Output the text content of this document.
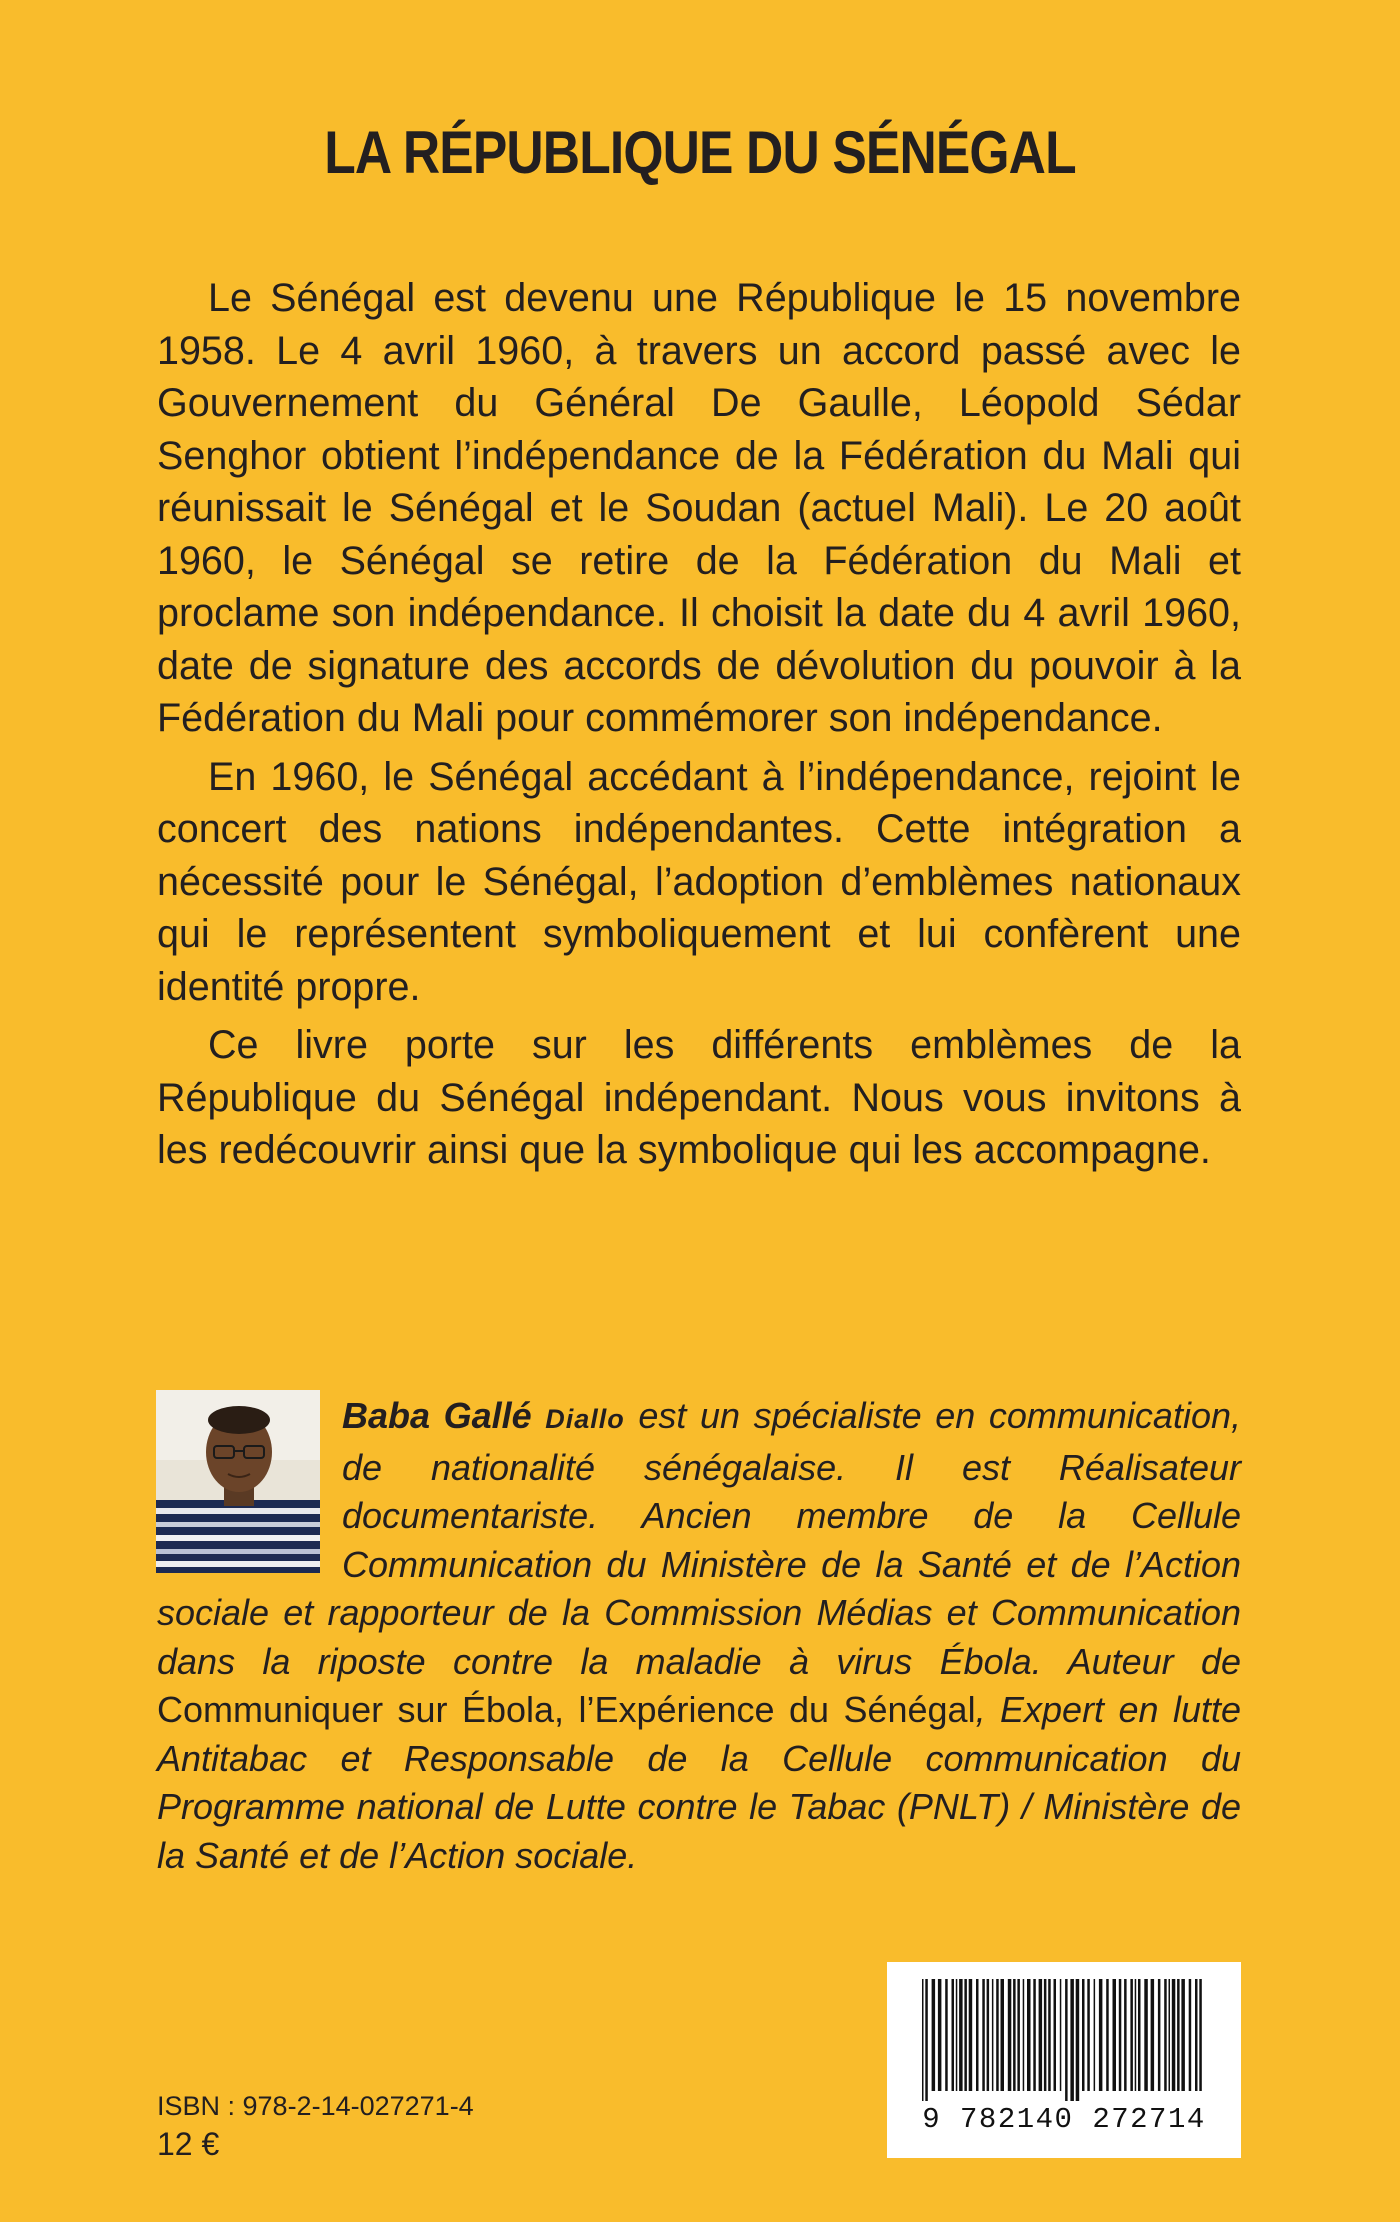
LA RÉPUBLIQUE DU SÉNÉGAL

Le Sénégal est devenu une République le 15 novembre 1958. Le 4 avril 1960, à travers un accord passé avec le Gouvernement du Général De Gaulle, Léopold Sédar Senghor obtient l’indépendance de la Fédération du Mali qui réunissait le Sénégal et le Soudan (actuel Mali). Le 20 août 1960, le Sénégal se retire de la Fédération du Mali et proclame son indépendance. Il choisit la date du 4 avril 1960, date de signature des accords de dévolution du pouvoir à la Fédération du Mali pour commémorer son indépendance.

En 1960, le Sénégal accédant à l’indépendance, rejoint le concert des nations indépendantes. Cette intégration a nécessité pour le Sénégal, l’adoption d’emblèmes nationaux qui le représentent symboliquement et lui confèrent une identité propre.

Ce livre porte sur les différents emblèmes de la République du Sénégal indépendant. Nous vous invitons à les redécouvrir ainsi que la symbolique qui les accompagne.

Baba Gallé Diallo est un spécialiste en communication, de nationalité sénégalaise. Il est Réalisateur documentariste. Ancien membre de la Cellule Communication du Ministère de la Santé et de l’Action sociale et rapporteur de la Commission Médias et Communication dans la riposte contre la maladie à virus Ébola. Auteur de Communiquer sur Ébola, l’Expérience du Sénégal, Expert en lutte Antitabac et Responsable de la Cellule communication du Programme national de Lutte contre le Tabac (PNLT) / Ministère de la Santé et de l’Action sociale.

ISBN : 978-2-14-027271-4
12 €
9 782140 272714
